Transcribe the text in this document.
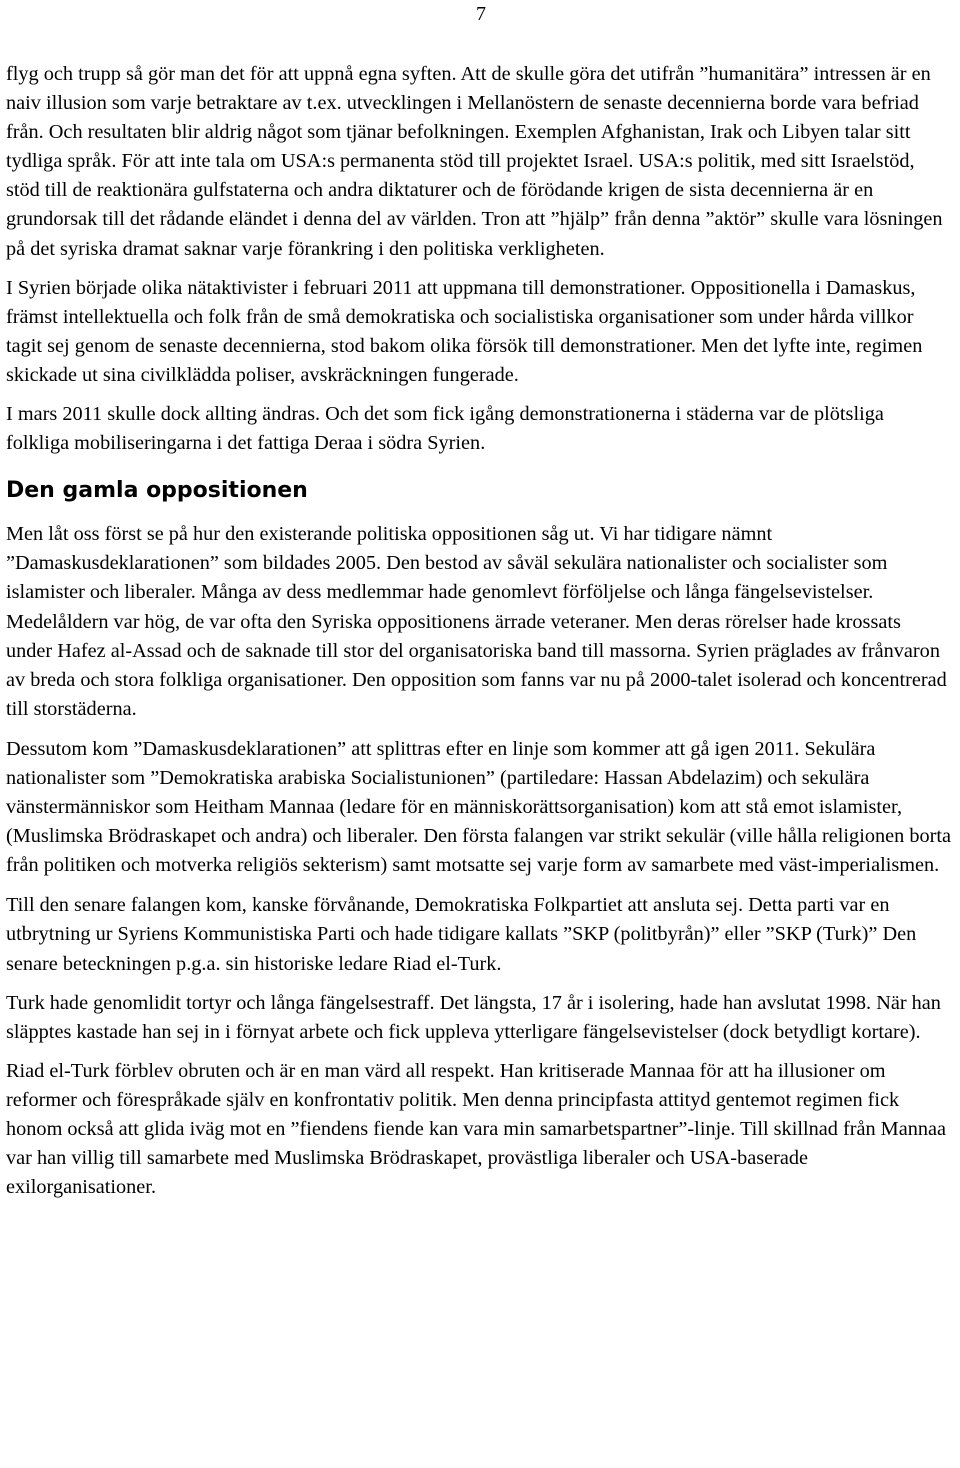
7

flyg och trupp så gör man det för att uppnå egna syften. Att de skulle göra det utifrån ”humanitära” intressen är en naiv illusion som varje betraktare av t.ex. utvecklingen i Mellanöstern de senaste decennierna borde vara befriad från. Och resultaten blir aldrig något som tjänar befolkningen. Exemplen Afghanistan, Irak och Libyen talar sitt tydliga språk. För att inte tala om USA:s permanenta stöd till projektet Israel. USA:s politik, med sitt Israelstöd, stöd till de reaktionära gulfstaterna och andra diktaturer och de förödande krigen de sista decennierna är en grundorsak till det rådande eländet i denna del av världen. Tron att ”hjälp” från denna ”aktör” skulle vara lösningen på det syriska dramat saknar varje förankring i den politiska verkligheten.

I Syrien började olika nätaktivister i februari 2011 att uppmana till demonstrationer. Oppositionella i Damaskus, främst intellektuella och folk från de små demokratiska och socialistiska organisationer som under hårda villkor tagit sej genom de senaste decennierna, stod bakom olika försök till demonstrationer. Men det lyfte inte, regimen skickade ut sina civilklädda poliser, avskräckningen fungerade.

I mars 2011 skulle dock allting ändras. Och det som fick igång demonstrationerna i städerna var de plötsliga folkliga mobiliseringarna i det fattiga Deraa i södra Syrien.

Den gamla oppositionen

Men låt oss först se på hur den existerande politiska oppositionen såg ut. Vi har tidigare nämnt ”Damaskusdeklarationen” som bildades 2005. Den bestod av såväl sekulära nationalister och socialister som islamister och liberaler. Många av dess medlemmar hade genomlevt förföljelse och långa fängelsevistelser. Medelåldern var hög, de var ofta den Syriska oppositionens ärrade veteraner. Men deras rörelser hade krossats under Hafez al-Assad och de saknade till stor del organisatoriska band till massorna. Syrien präglades av frånvaron av breda och stora folkliga organisationer. Den opposition som fanns var nu på 2000-talet isolerad och koncentrerad till storstäderna.

Dessutom kom ”Damaskusdeklarationen” att splittras efter en linje som kommer att gå igen 2011. Sekulära nationalister som ”Demokratiska arabiska Socialistunionen” (partiledare: Hassan Abdelazim) och sekulära vänstermänniskor som Heitham Mannaa (ledare för en människorättsorganisation) kom att stå emot islamister, (Muslimska Brödraskapet och andra) och liberaler. Den första falangen var strikt sekulär (ville hålla religionen borta från politiken och motverka religiös sekterism) samt motsatte sej varje form av samarbete med väst-imperialismen.

Till den senare falangen kom, kanske förvånande, Demokratiska Folkpartiet att ansluta sej. Detta parti var en utbrytning ur Syriens Kommunistiska Parti och hade tidigare kallats ”SKP (politbyrån)” eller ”SKP (Turk)” Den senare beteckningen p.g.a. sin historiske ledare Riad el-Turk.

Turk hade genomlidit tortyr och långa fängelsestraff. Det längsta, 17 år i isolering, hade han avslutat 1998. När han släpptes kastade han sej in i förnyat arbete och fick uppleva ytterligare fängelsevistelser (dock betydligt kortare).

Riad el-Turk förblev obruten och är en man värd all respekt. Han kritiserade Mannaa för att ha illusioner om reformer och förespråkade själv en konfrontativ politik. Men denna principfasta attityd gentemot regimen fick honom också att glida iväg mot en ”fiendens fiende kan vara min samarbetspartner”-linje. Till skillnad från Mannaa var han villig till samarbete med Muslimska Brödraskapet, provästliga liberaler och USA-baserade exilorganisationer.
